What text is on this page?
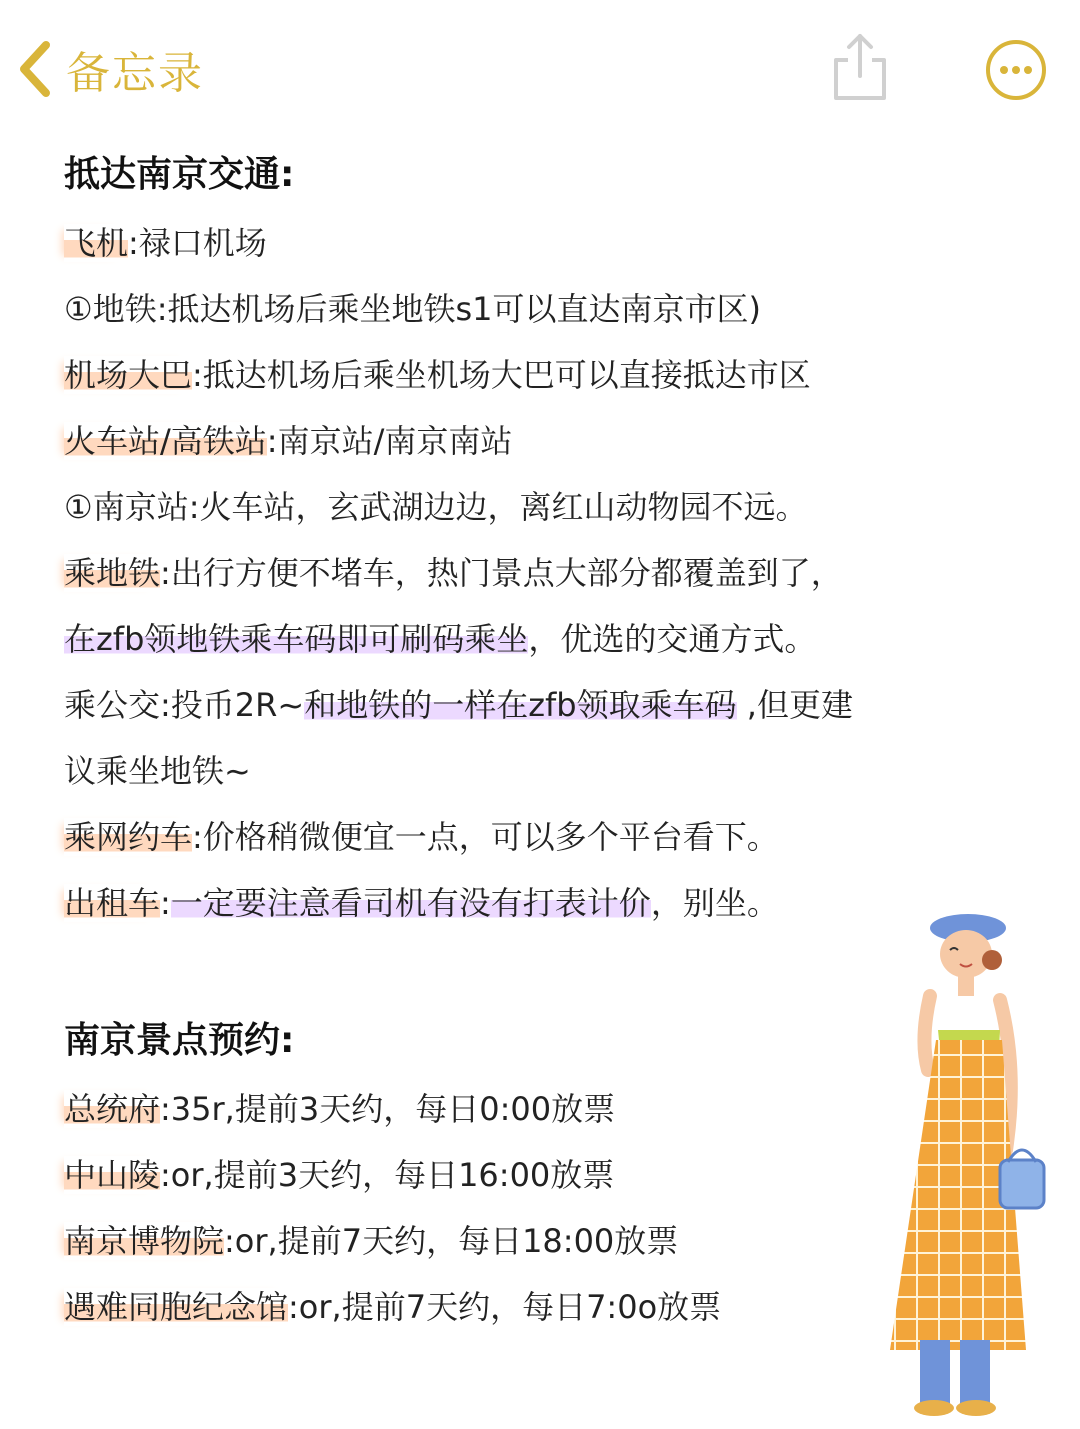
备忘录
抵达南京交通:
飞机:禄口机场
①地铁:抵达机场后乘坐地铁s1可以直达南京市区)
机场大巴:抵达机场后乘坐机场大巴可以直接抵达市区
火车站/高铁站:南京站/南京南站
①南京站:火车站，玄武湖边边，离红山动物园不远。
乘地铁:出行方便不堵车，热门景点大部分都覆盖到了，
在zfb领地铁乘车码即可刷码乘坐，优选的交通方式。
乘公交:投币2R~和地铁的一样在zfb领取乘车码 ,但更建
议乘坐地铁~
乘网约车:价格稍微便宜一点，可以多个平台看下。
出租车:一定要注意看司机有没有打表计价，别坐。
南京景点预约:
总统府:35r,提前3天约，每日0:00放票
中山陵:or,提前3天约，每日16:00放票
南京博物院:or,提前7天约，每日18:00放票
遇难同胞纪念馆:or,提前7天约，每日7:0o放票
